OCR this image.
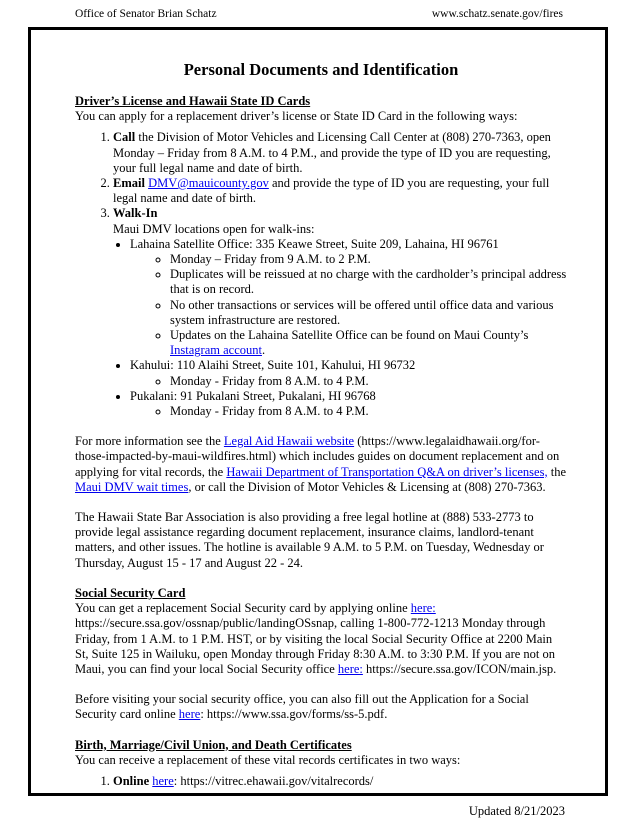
Office of Senator Brian Schatz	www.schatz.senate.gov/fires
Personal Documents and Identification
Driver’s License and Hawaii State ID Cards

You can apply for a replacement driver’s license or State ID Card in the following ways:

1. Call the Division of Motor Vehicles and Licensing Call Center at (808) 270-7363, open Monday – Friday from 8 A.M. to 4 P.M., and provide the type of ID you are requesting, your full legal name and date of birth.
2. Email DMV@mauicounty.gov and provide the type of ID you are requesting, your full legal name and date of birth.
3. Walk-In
Maui DMV locations open for walk-ins:
• Lahaina Satellite Office: 335 Keawe Street, Suite 209, Lahaina, HI 96761
◦ Monday – Friday from 9 A.M. to 2 P.M.
◦ Duplicates will be reissued at no charge with the cardholder’s principal address that is on record.
◦ No other transactions or services will be offered until office data and various system infrastructure are restored.
◦ Updates on the Lahaina Satellite Office can be found on Maui County’s Instagram account.
• Kahului: 110 Alaihi Street, Suite 101, Kahului, HI 96732
◦ Monday - Friday from 8 A.M. to 4 P.M.
• Pukalani: 91 Pukalani Street, Pukalani, HI 96768
◦ Monday - Friday from 8 A.M. to 4 P.M.

For more information see the Legal Aid Hawaii website (https://www.legalaidhawaii.org/for-those-impacted-by-maui-wildfires.html) which includes guides on document replacement and on applying for vital records, the Hawaii Department of Transportation Q&A on driver’s licenses, the Maui DMV wait times, or call the Division of Motor Vehicles & Licensing at (808) 270-7363.

The Hawaii State Bar Association is also providing a free legal hotline at (888) 533-2773 to provide legal assistance regarding document replacement, insurance claims, landlord-tenant matters, and other issues. The hotline is available 9 A.M. to 5 P.M. on Tuesday, Wednesday or Thursday, August 15 - 17 and August 22 - 24.

Social Security Card

You can get a replacement Social Security card by applying online here: https://secure.ssa.gov/ossnap/public/landingOSsnap, calling 1-800-772-1213 Monday through Friday, from 1 A.M. to 1 P.M. HST, or by visiting the local Social Security Office at 2200 Main St, Suite 125 in Wailuku, open Monday through Friday 8:30 A.M. to 3:30 P.M. If you are not on Maui, you can find your local Social Security office here: https://secure.ssa.gov/ICON/main.jsp.

Before visiting your social security office, you can also fill out the Application for a Social Security card online here: https://www.ssa.gov/forms/ss-5.pdf.

Birth, Marriage/Civil Union, and Death Certificates

You can receive a replacement of these vital records certificates in two ways:

1. Online here: https://vitrec.ehawaii.gov/vitalrecords/
Updated 8/21/2023
